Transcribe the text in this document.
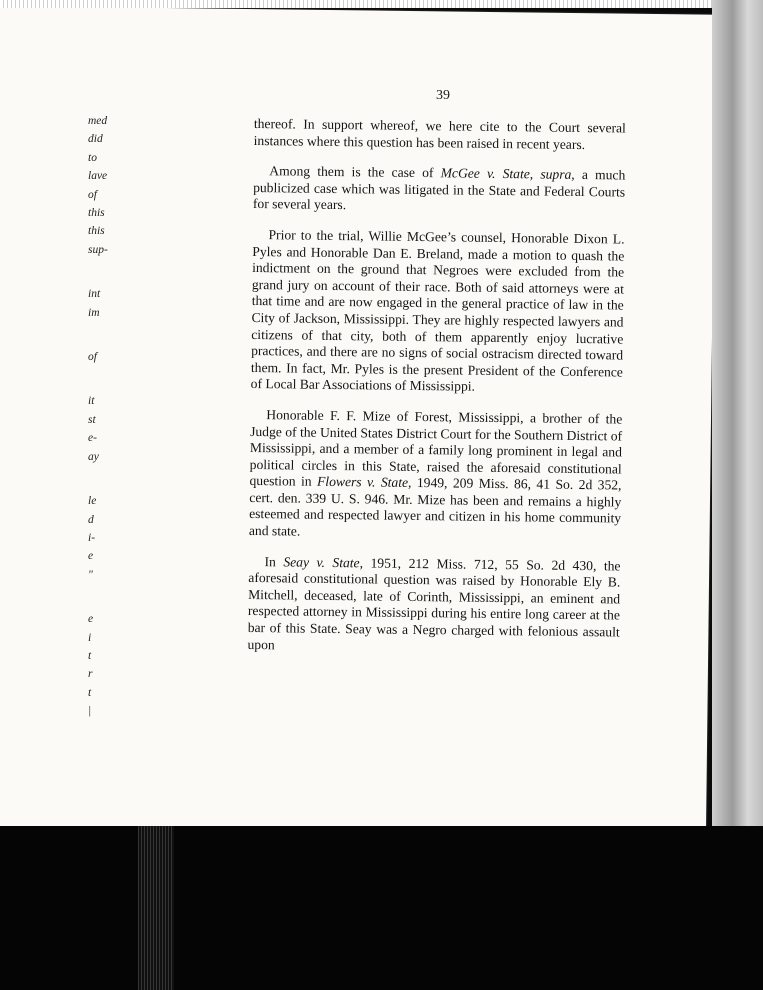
39
med
did
to
lave
of
this
this
sup-
int
im
of
it
st
e-
ay
le
d
i-
e
"
e
i
t
r
t
|

thereof. In support whereof, we here cite to the Court several instances where this question has been raised in recent years.

Among them is the case of McGee v. State, supra, a much publicized case which was litigated in the State and Federal Courts for several years.

Prior to the trial, Willie McGee’s counsel, Honorable Dixon L. Pyles and Honorable Dan E. Breland, made a motion to quash the indictment on the ground that Negroes were excluded from the grand jury on account of their race. Both of said attorneys were at that time and are now engaged in the general practice of law in the City of Jackson, Mississippi. They are highly respected lawyers and citizens of that city, both of them apparently enjoy lucrative practices, and there are no signs of social ostracism directed toward them. In fact, Mr. Pyles is the present President of the Conference of Local Bar Associations of Mississippi.

Honorable F. F. Mize of Forest, Mississippi, a brother of the Judge of the United States District Court for the Southern District of Mississippi, and a member of a family long prominent in legal and political circles in this State, raised the aforesaid constitutional question in Flowers v. State, 1949, 209 Miss. 86, 41 So. 2d 352, cert. den. 339 U. S. 946. Mr. Mize has been and remains a highly esteemed and respected lawyer and citizen in his home community and state.

In Seay v. State, 1951, 212 Miss. 712, 55 So. 2d 430, the aforesaid constitutional question was raised by Honorable Ely B. Mitchell, deceased, late of Corinth, Mississippi, an eminent and respected attorney in Mississippi during his entire long career at the bar of this State. Seay was a Negro charged with felonious assault upon
